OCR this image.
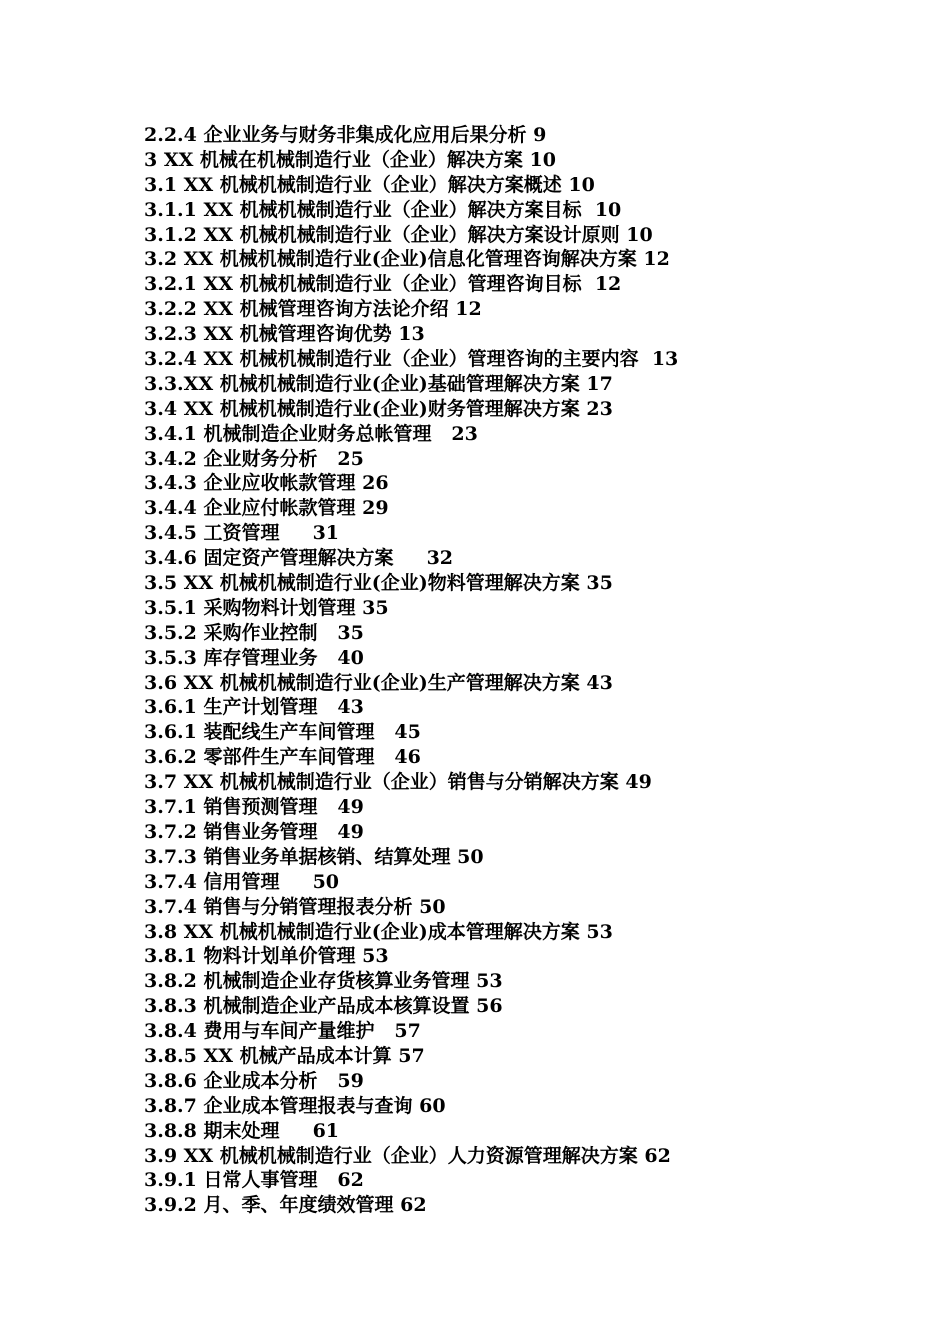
2.2.4 企业业务与财务非集成化应用后果分析 9
3 XX 机械在机械制造行业（企业）解决方案 10
3.1 XX 机械机械制造行业（企业）解决方案概述 10
3.1.1 XX 机械机械制造行业（企业）解决方案目标  10
3.1.2 XX 机械机械制造行业（企业）解决方案设计原则 10
3.2 XX 机械机械制造行业(企业)信息化管理咨询解决方案 12
3.2.1 XX 机械机械制造行业（企业）管理咨询目标  12
3.2.2 XX 机械管理咨询方法论介绍 12
3.2.3 XX 机械管理咨询优势 13
3.2.4 XX 机械机械制造行业（企业）管理咨询的主要内容  13
3.3.XX 机械机械制造行业(企业)基础管理解决方案 17
3.4 XX 机械机械制造行业(企业)财务管理解决方案 23
3.4.1 机械制造企业财务总帐管理   23
3.4.2 企业财务分析   25
3.4.3 企业应收帐款管理 26
3.4.4 企业应付帐款管理 29
3.4.5 工资管理     31
3.4.6 固定资产管理解决方案     32
3.5 XX 机械机械制造行业(企业)物料管理解决方案 35
3.5.1 采购物料计划管理 35
3.5.2 采购作业控制   35
3.5.3 库存管理业务   40
3.6 XX 机械机械制造行业(企业)生产管理解决方案 43
3.6.1 生产计划管理   43
3.6.1 装配线生产车间管理   45
3.6.2 零部件生产车间管理   46
3.7 XX 机械机械制造行业（企业）销售与分销解决方案 49
3.7.1 销售预测管理   49
3.7.2 销售业务管理   49
3.7.3 销售业务单据核销、结算处理 50
3.7.4 信用管理     50
3.7.4 销售与分销管理报表分析 50
3.8 XX 机械机械制造行业(企业)成本管理解决方案 53
3.8.1 物料计划单价管理 53
3.8.2 机械制造企业存货核算业务管理 53
3.8.3 机械制造企业产品成本核算设置 56
3.8.4 费用与车间产量维护   57
3.8.5 XX 机械产品成本计算 57
3.8.6 企业成本分析   59
3.8.7 企业成本管理报表与查询 60
3.8.8 期末处理     61
3.9 XX 机械机械制造行业（企业）人力资源管理解决方案 62
3.9.1 日常人事管理   62
3.9.2 月、季、年度绩效管理 62
